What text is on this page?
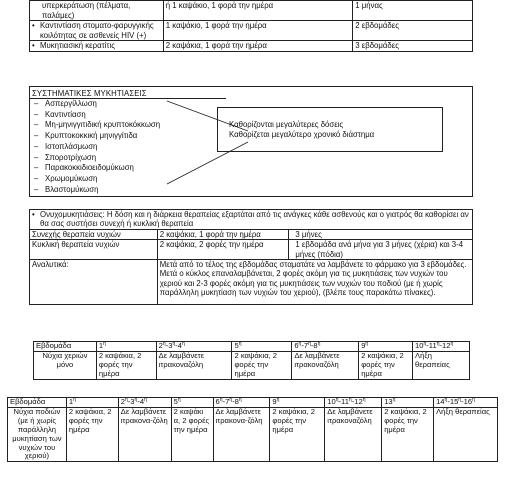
υπερκεράτωση (πέλματα, παλάμες)	ή 1 καψάκιο, 1 φορά την ημέρα	1 μήνας
• Καντιντίαση στοματο-φαρυγγικής κοιλότητας σε ασθενείς HIV (+)	1 καψάκιο, 1 φορά την ημέρα	2 εβδομάδες
• Μυκητιασική κερατίτις	2 καψάκια, 1 φορά την ημέρα	3 εβδομάδες
ΣΥΣΤΗΜΑΤΙΚΕΣ ΜΥΚΗΤΙΑΣΕΙΣ
– Ασπεργίλλωση
– Καντιντίαση
– Μη-μηνιγγιτιδική κρυπτοκόκκωση
– Κρυπτοκοκκική μηνιγγίτιδα
– Ιστοπλάσμωση
– Σποροτρίχωση
– Παρακοκκιδιοειδομύκωση
– Χρωμομύκωση
– Βλαστομύκωση
Καθορίζονται μεγαλύτερες δόσεις
Καθορίζεται μεγαλύτερο χρονικό διάστημα
• Ονυχομυκητιάσεις: Η δόση και η διάρκεια θεραπείας εξαρτάται από τις ανάγκες κάθε ασθενούς και ο γιατρός θα καθορίσει αν θα σας συστήσει συνεχή ή κυκλική θεραπεία
Συνεχής θεραπεία νυχιών	2 καψάκια, 1 φορά την ημέρα	3 μήνες
Κυκλική θεραπεία νυχιών	2 καψάκια, 2 φορές την ημέρα	1 εβδομάδα ανά μήνα για 3 μήνες (χέρια) και 3-4 μήνες (πόδια)
Αναλυτικά:	Μετά από το τέλος της εβδομάδας σταματάτε να λαμβάνετε το φάρμακο για 3 εβδομάδες. Μετά ο κύκλος επαναλαμβάνεται, 2 φορές ακόμη για τις μυκητιάσεις των νυχιών του χεριού και 2-3 φορές ακόμη για τις μυκητιάσεις των νυχιών του ποδιού (με ή χωρίς παράλληλη μυκητίαση των νυχιών του χεριού), (βλέπε τους παρακάτω πίνακες).	
Εβδομάδα	$1^\eta$	$2^\eta-3^\eta-4^\eta$	$5^\eta$	$6^\eta-7^\eta-8^\eta$	$9^\eta$	$10^\eta-11^\eta-12^\eta$
Νύχια χεριών μόνο	2 καψάκια, 2 φορές την ημέρα	Δε λαμβάνετε ιτρακοναζόλη	2 καψάκια, 2 φορές την ημέρα	Δε λαμβάνετε ιτρακοναζόλη	2 καψάκια, 2 φορές την ημέρα	Λήξη θεραπείας
Εβδομάδα	$1^\eta$	$2^\eta-3^\eta-4^\eta$	$5^\eta$	$6^\eta-7^\eta-8^\eta$	$9^\eta$	$10^\eta-11^\eta-12^\eta$	$13^\eta$	$14^\eta-15^\eta-16^\eta$
Νύχια ποδιών (με ή χωρίς παράλληλη μυκητίαση των νυχιών του χεριού)	2 καψάκια, 2 φορές την ημέρα	Δε λαμβάνετε ιτρακονα-ζόλη	2 καψάκι α, 2 φορές την ημέρα	Δε λαμβάνετε ιτρακονα-ζόλη	2 καψάκια, 2 φορές την ημέρα	Δε λαμβάνετε ιτρακοναζόλη	2 καψάκια, 2 φορές την ημέρα	Λήξη θεραπείας
